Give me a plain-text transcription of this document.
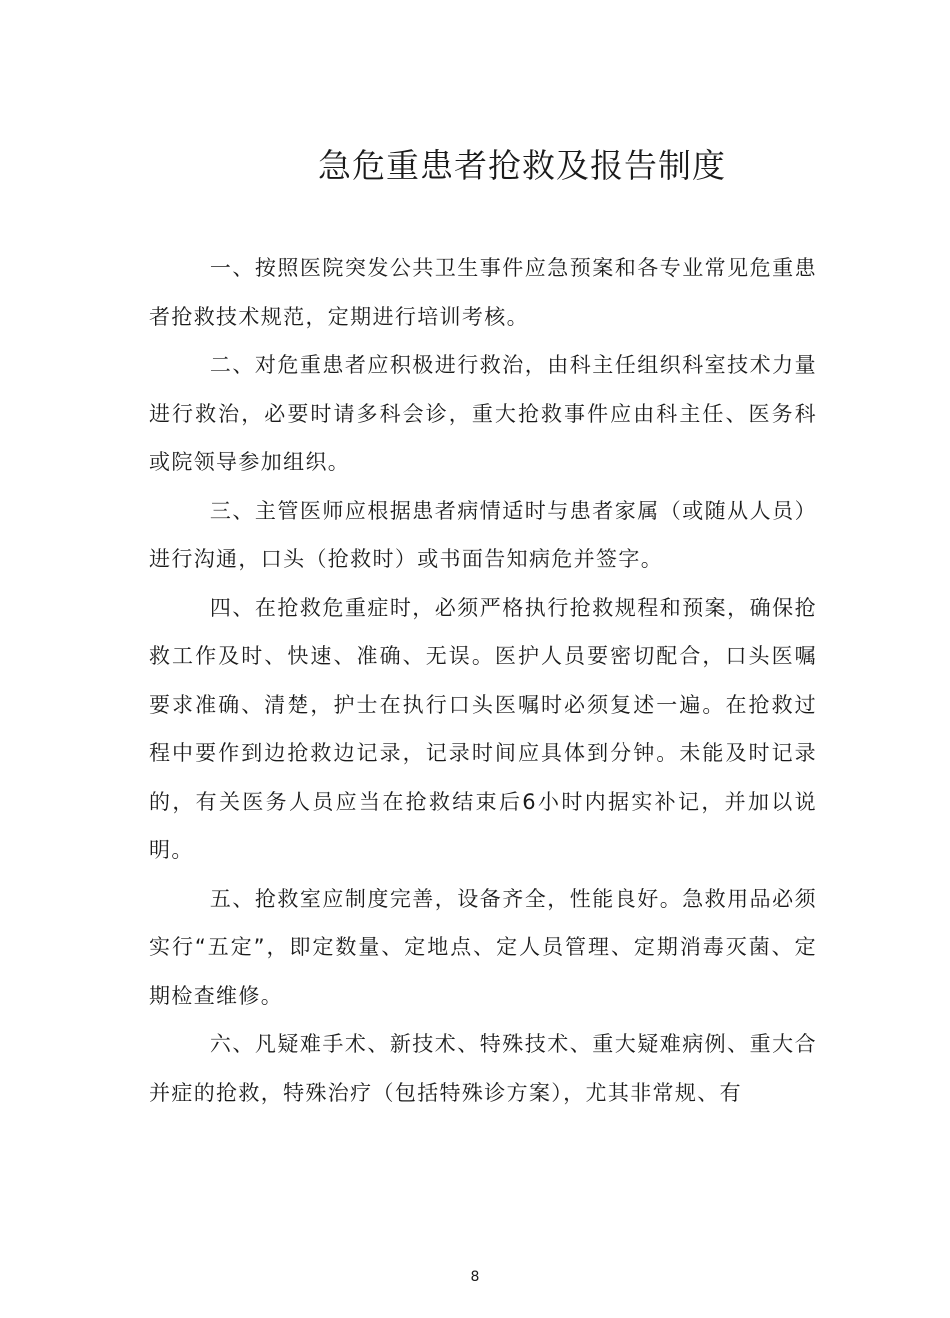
急危重患者抢救及报告制度

一、按照医院突发公共卫生事件应急预案和各专业常见危重患者抢救技术规范，定期进行培训考核。

二、对危重患者应积极进行救治，由科主任组织科室技术力量进行救治，必要时请多科会诊，重大抢救事件应由科主任、医务科或院领导参加组织。

三、主管医师应根据患者病情适时与患者家属（或随从人员）进行沟通，口头（抢救时）或书面告知病危并签字。

四、在抢救危重症时，必须严格执行抢救规程和预案，确保抢救工作及时、快速、准确、无误。医护人员要密切配合，口头医嘱要求准确、清楚，护士在执行口头医嘱时必须复述一遍。在抢救过程中要作到边抢救边记录，记录时间应具体到分钟。未能及时记录的，有关医务人员应当在抢救结束后6小时内据实补记，并加以说明。

五、抢救室应制度完善，设备齐全，性能良好。急救用品必须实行“五定”，即定数量、定地点、定人员管理、定期消毒灭菌、定期检查维修。

六、凡疑难手术、新技术、特殊技术、重大疑难病例、重大合并症的抢救，特殊治疗（包括特殊诊方案），尤其非常规、有

8
